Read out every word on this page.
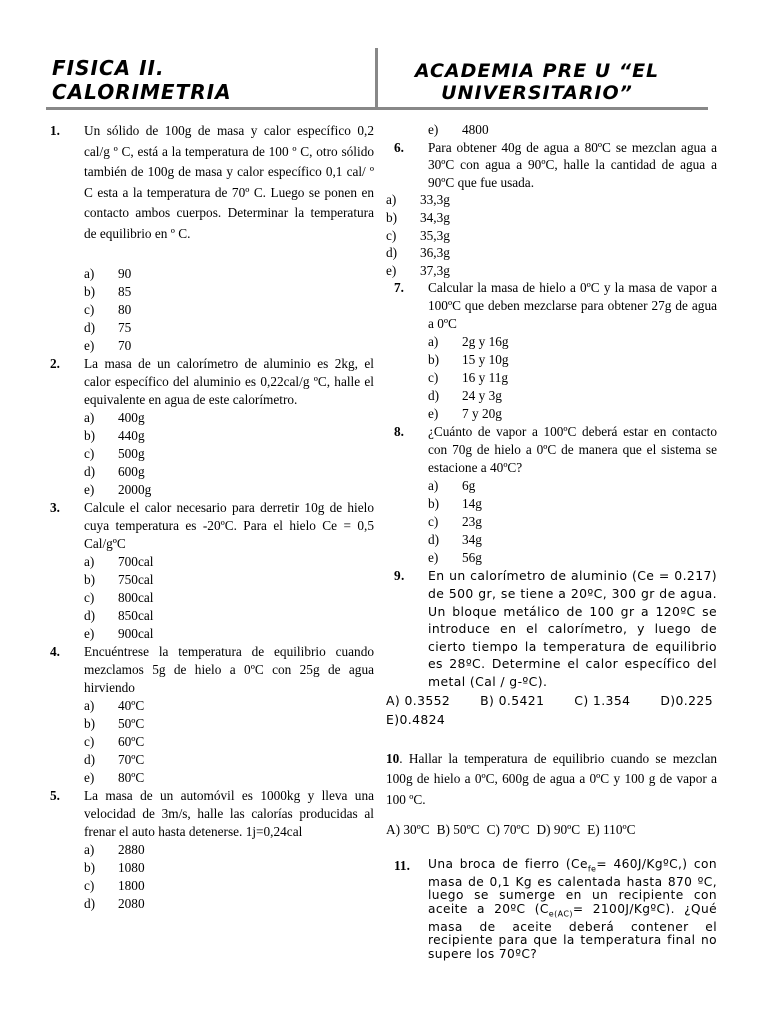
FISICA II.
CALORIMETRIA
ACADEMIA PRE U “EL
UNIVERSITARIO”
1.	Un sólido de 100g de masa y calor específico 0,2 cal/g º C, está a la temperatura de 100 º C, otro sólido también de 100g de masa y calor específico 0,1 cal/ º C esta a la temperatura de 70º C. Luego se ponen en contacto ambos cuerpos. Determinar la temperatura de equilibrio en º C.
a)	90
b)	85
c)	80
d)	75
e)	70
2.	La masa de un calorímetro de aluminio es 2kg, el calor específico del aluminio es 0,22cal/g ºC, halle el equivalente en agua de este calorímetro.
a)	400g
b)	440g
c)	500g
d)	600g
e)	2000g
3.	Calcule el calor necesario para derretir 10g de hielo cuya temperatura es -20ºC. Para el hielo Ce = 0,5 Cal/gºC
a)	700cal
b)	750cal
c)	800cal
d)	850cal
e)	900cal
4.	Encuéntrese la temperatura de equilibrio cuando mezclamos 5g de hielo a 0ºC con 25g de agua hirviendo
a)	40ºC
b)	50ºC
c)	60ºC
d)	70ºC
e)	80ºC
5.	La masa de un automóvil es 1000kg y lleva una velocidad de 3m/s, halle las calorías producidas al frenar el auto hasta detenerse. 1j=0,24cal
a)	2880
b)	1080
c)	1800
d)	2080
e)	4800
6.	Para obtener 40g de agua a 80ºC se mezclan agua a 30ºC con agua a 90ºC, halle la cantidad de agua a 90ºC que fue usada.
a)	33,3g
b)	34,3g
c)	35,3g
d)	36,3g
e)	37,3g
7.	Calcular la masa de hielo a 0ºC y la masa de vapor a 100ºC que deben mezclarse para obtener 27g de agua a 0ºC
a)	2g y 16g
b)	15 y 10g
c)	16 y 11g
d)	24 y 3g
e)	7 y 20g
8.	¿Cuánto de vapor a 100ºC deberá estar en contacto con 70g de hielo a 0ºC de manera que el sistema se estacione a 40ºC?
a)	6g
b)	14g
c)	23g
d)	34g
e)	56g
9.	En un calorímetro de aluminio (Ce = 0.217) de 500 gr, se tiene a 20ºC, 300 gr de agua. Un bloque metálico de 100 gr a 120ºC se introduce en el calorímetro, y luego de cierto tiempo la temperatura de equilibrio es 28ºC. Determine el calor específico del metal (Cal / g-ºC).
A) 0.3552 B) 0.5421 C) 1.354 D)0.225
E)0.4824
10. Hallar la temperatura de equilibrio cuando se mezclan 100g de hielo a 0ºC, 600g de agua a 0ºC y 100 g de vapor a 100 ºC.
A) 30ºC B) 50ºC C) 70ºC D) 90ºC E) 110ºC
11.	Una broca de fierro ($Ce_{fe}=$ 460J/KgºC,) con masa de 0,1 Kg es calentada hasta 870 ºC, luego se sumerge en un recipiente con aceite a 20ºC ($C_{e(AC)}=$ 2100J/KgºC). ¿Qué masa de aceite deberá contener el recipiente para que la temperatura final no supere los 70ºC?
